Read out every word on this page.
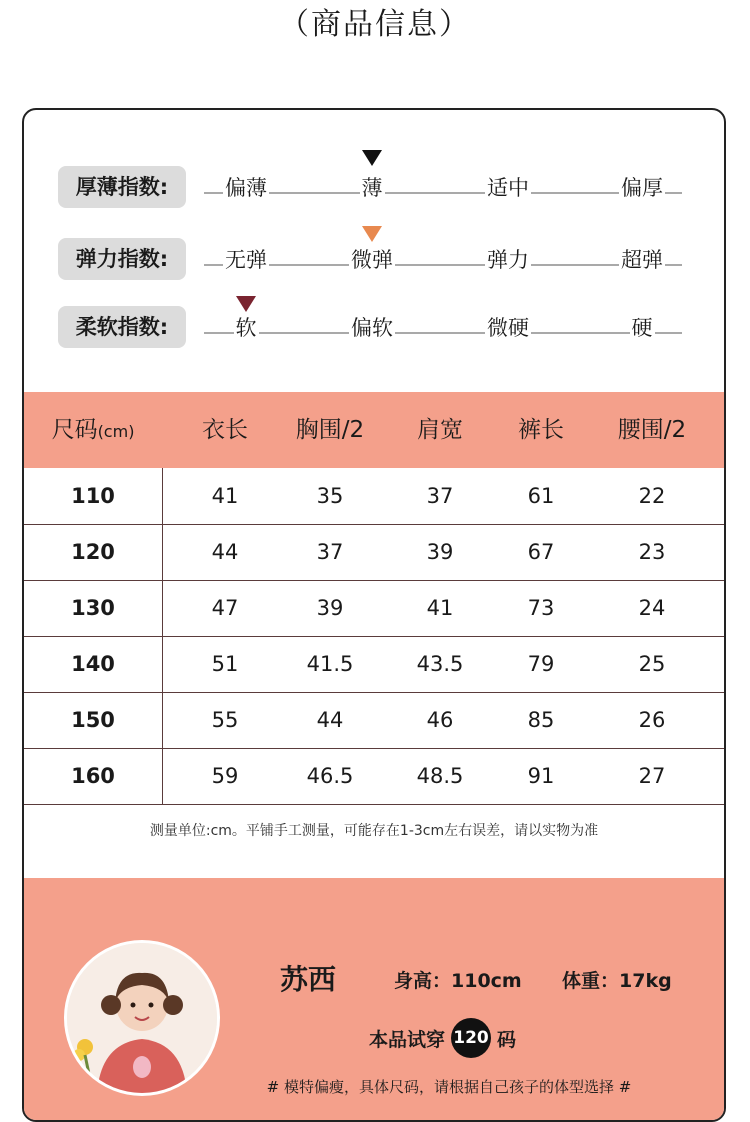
（商品信息）
厚薄指数:	偏薄	薄	适中	偏厚
弹力指数:	无弹	微弹	弹力	超弹
柔软指数:	软	偏软	微硬	硬
尺码(cm)	衣长	胸围/2	肩宽	裤长	腰围/2
110	41	35	37	61	22
120	44	37	39	67	23
130	47	39	41	73	24
140	51	41.5	43.5	79	25
150	55	44	46	85	26
160	59	46.5	48.5	91	27
测量单位:cm。平铺手工测量，可能存在1-3cm左右误差，请以实物为准
苏西	身高：110cm 体重：17kg
本品试穿 120 码
# 模特偏瘦，具体尺码，请根据自己孩子的体型选择 #
